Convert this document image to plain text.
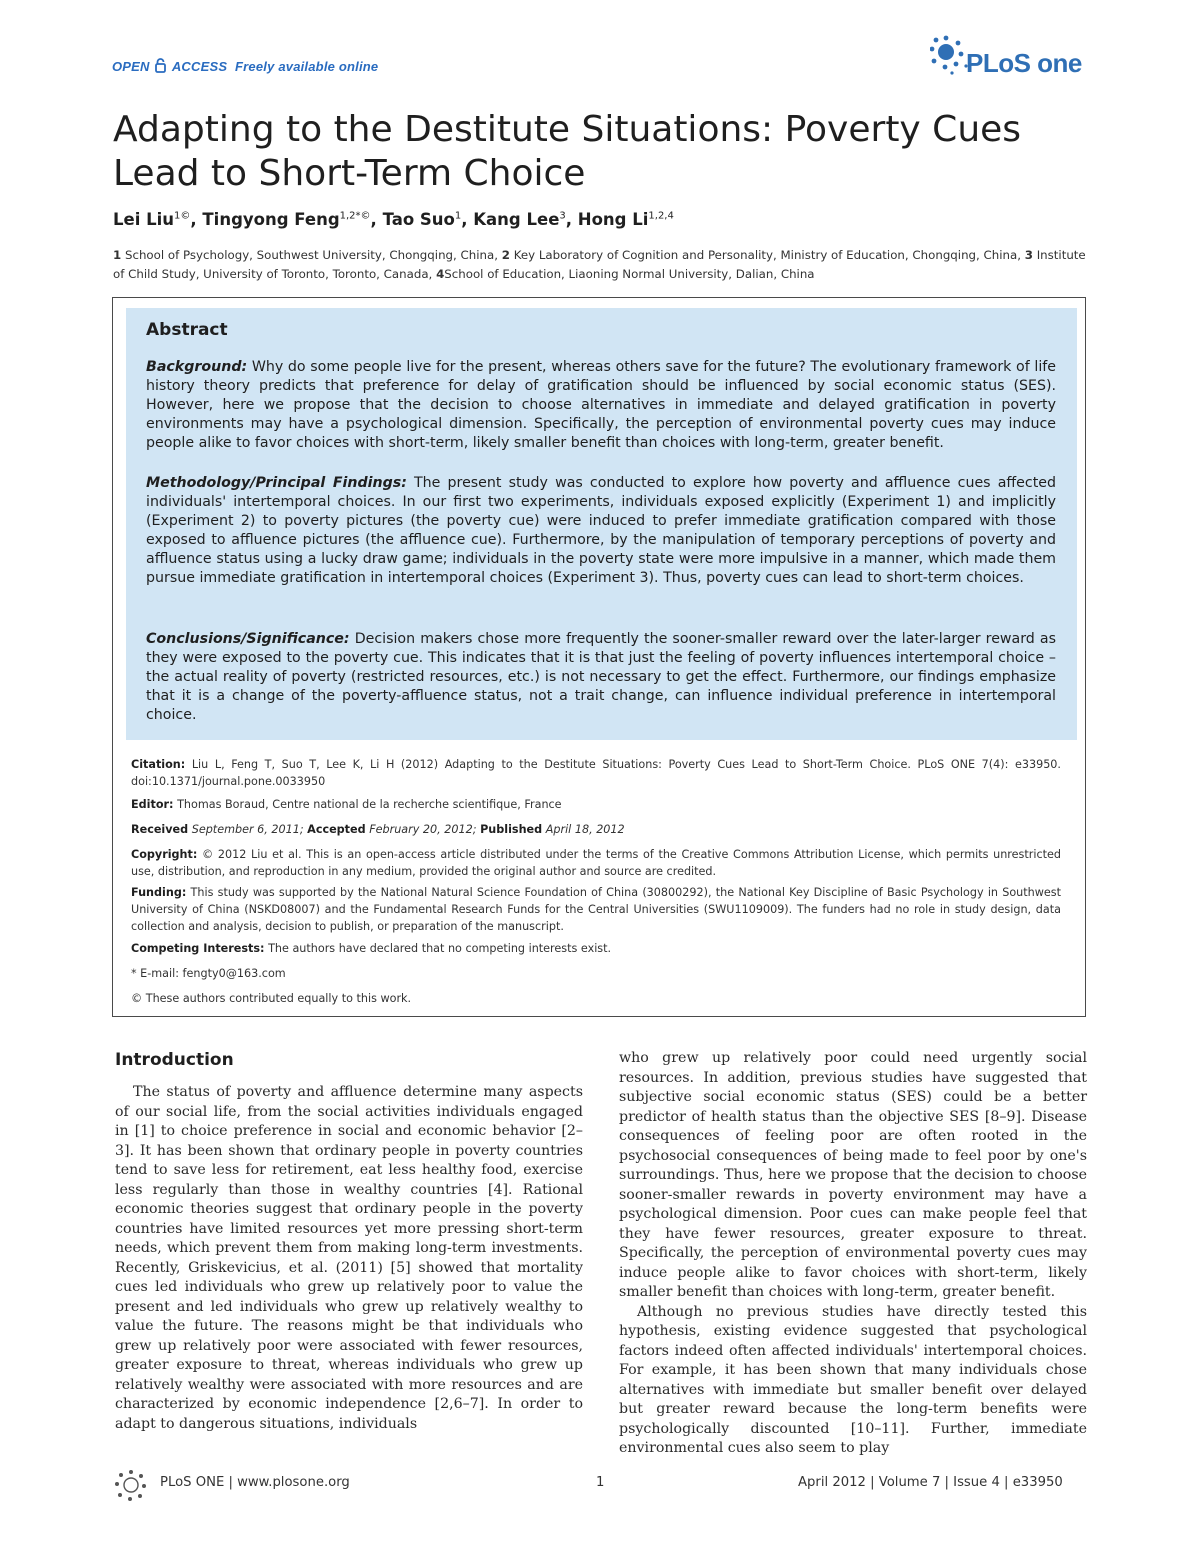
OPEN ACCESS Freely available online	PLoS one
Adapting to the Destitute Situations: Poverty Cues Lead to Short-Term Choice
Lei Liu$^{1©}$, Tingyong Feng$^{1,2*©}$, Tao Suo$^1$, Kang Lee$^3$, Hong Li$^{1,2,4}$
1 School of Psychology, Southwest University, Chongqing, China, 2 Key Laboratory of Cognition and Personality, Ministry of Education, Chongqing, China, 3 Institute of Child Study, University of Toronto, Toronto, Canada, 4School of Education, Liaoning Normal University, Dalian, China
Abstract
Background: Why do some people live for the present, whereas others save for the future? The evolutionary framework of life history theory predicts that preference for delay of gratification should be influenced by social economic status (SES). However, here we propose that the decision to choose alternatives in immediate and delayed gratification in poverty environments may have a psychological dimension. Specifically, the perception of environmental poverty cues may induce people alike to favor choices with short-term, likely smaller benefit than choices with long-term, greater benefit.
Methodology/Principal Findings: The present study was conducted to explore how poverty and affluence cues affected individuals' intertemporal choices. In our first two experiments, individuals exposed explicitly (Experiment 1) and implicitly (Experiment 2) to poverty pictures (the poverty cue) were induced to prefer immediate gratification compared with those exposed to affluence pictures (the affluence cue). Furthermore, by the manipulation of temporary perceptions of poverty and affluence status using a lucky draw game; individuals in the poverty state were more impulsive in a manner, which made them pursue immediate gratification in intertemporal choices (Experiment 3). Thus, poverty cues can lead to short-term choices.
Conclusions/Significance: Decision makers chose more frequently the sooner-smaller reward over the later-larger reward as they were exposed to the poverty cue. This indicates that it is that just the feeling of poverty influences intertemporal choice – the actual reality of poverty (restricted resources, etc.) is not necessary to get the effect. Furthermore, our findings emphasize that it is a change of the poverty-affluence status, not a trait change, can influence individual preference in intertemporal choice.
Citation: Liu L, Feng T, Suo T, Lee K, Li H (2012) Adapting to the Destitute Situations: Poverty Cues Lead to Short-Term Choice. PLoS ONE 7(4): e33950. doi:10.1371/journal.pone.0033950
Editor: Thomas Boraud, Centre national de la recherche scientifique, France
Received September 6, 2011; Accepted February 20, 2012; Published April 18, 2012
Copyright: © 2012 Liu et al. This is an open-access article distributed under the terms of the Creative Commons Attribution License, which permits unrestricted use, distribution, and reproduction in any medium, provided the original author and source are credited.
Funding: This study was supported by the National Natural Science Foundation of China (30800292), the National Key Discipline of Basic Psychology in Southwest University of China (NSKD08007) and the Fundamental Research Funds for the Central Universities (SWU1109009). The funders had no role in study design, data collection and analysis, decision to publish, or preparation of the manuscript.
Competing Interests: The authors have declared that no competing interests exist.
* E-mail: fengty0@163.com
© These authors contributed equally to this work.
Introduction

The status of poverty and affluence determine many aspects of our social life, from the social activities individuals engaged in [1] to choice preference in social and economic behavior [2–3]. It has been shown that ordinary people in poverty countries tend to save less for retirement, eat less healthy food, exercise less regularly than those in wealthy countries [4]. Rational economic theories suggest that ordinary people in the poverty countries have limited resources yet more pressing short-term needs, which prevent them from making long-term investments. Recently, Griskevicius, et al. (2011) [5] showed that mortality cues led individuals who grew up relatively poor to value the present and led individuals who grew up relatively wealthy to value the future. The reasons might be that individuals who grew up relatively poor were associated with fewer resources, greater exposure to threat, whereas individuals who grew up relatively wealthy were associated with more resources and are characterized by economic independence [2,6–7]. In order to adapt to dangerous situations, individuals

who grew up relatively poor could need urgently social resources. In addition, previous studies have suggested that subjective social economic status (SES) could be a better predictor of health status than the objective SES [8–9]. Disease consequences of feeling poor are often rooted in the psychosocial consequences of being made to feel poor by one's surroundings. Thus, here we propose that the decision to choose sooner-smaller rewards in poverty environment may have a psychological dimension. Poor cues can make people feel that they have fewer resources, greater exposure to threat. Specifically, the perception of environmental poverty cues may induce people alike to favor choices with short-term, likely smaller benefit than choices with long-term, greater benefit.

Although no previous studies have directly tested this hypothesis, existing evidence suggested that psychological factors indeed often affected individuals' intertemporal choices. For example, it has been shown that many individuals chose alternatives with immediate but smaller benefit over delayed but greater reward because the long-term benefits were psychologically discounted [10–11]. Further, immediate environmental cues also seem to play

PLoS ONE | www.plosone.org	1	April 2012 | Volume 7 | Issue 4 | e33950
